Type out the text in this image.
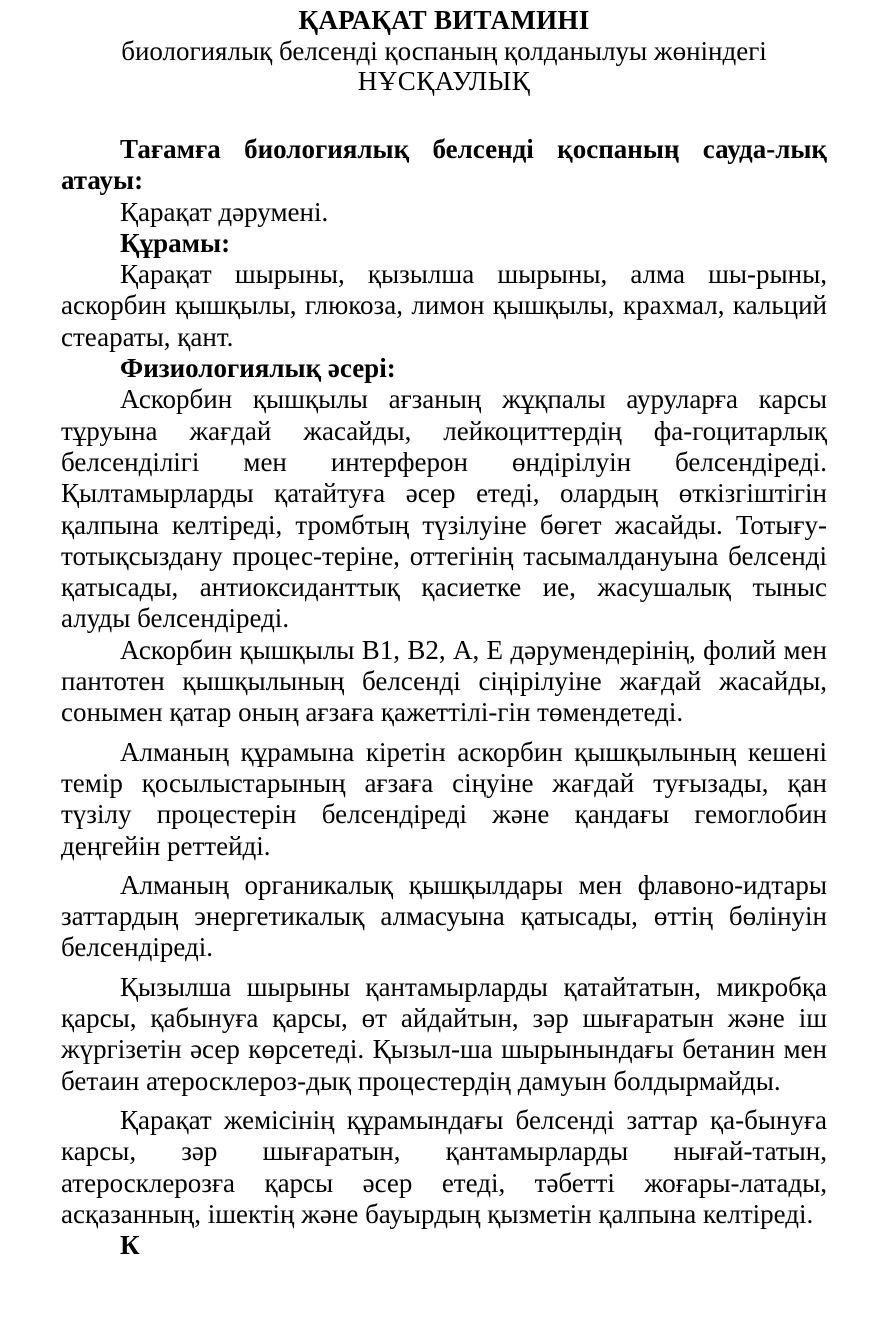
ҚАРАҚАТ ВИТАМИНІ

биологиялық белсенді қоспаның қолданылуы жөніндегі

НҰСҚАУЛЫҚ

Тағамға биологиялық белсенді қоспаның сауда-лық атауы:

Қарақат дәрумені.

Құрамы:

Қарақат шырыны, қызылша шырыны, алма шы-рыны, аскорбин қышқылы, глюкоза, лимон қышқылы, крахмал, кальций стеараты, қант.

Физиологиялық әсері:

Аскорбин қышқылы ағзаның жұқпалы ауруларға карсы тұруына жағдай жасайды, лейкоциттердің фа-гоцитарлық белсенділігі мен интерферон өндірілуін белсендіреді. Қылтамырларды қатайтуға әсер етеді, олардың өткізгіштігін қалпына келтіреді, тромбтың түзілуіне бөгет жасайды. Тотығу-тотықсыздану процес-теріне, оттегінің тасымалдануына белсенді қатысады, антиоксиданттық қасиетке ие, жасушалық тыныс алуды белсендіреді.

Аскорбин қышқылы В1, В2, А, Е дәрумендерінің, фолий мен пантотен қышқылының белсенді сіңірілуіне жағдай жасайды, сонымен қатар оның ағзаға қажеттілі-гін төмендетеді.

Алманың құрамына кіретін аскорбин қышқылының кешені темір қосылыстарының ағзаға сіңуіне жағдай туғызады, қан түзілу процестерін белсендіреді және қандағы гемоглобин деңгейін реттейді.

Алманың органикалық қышқылдары мен флавоно-идтары заттардың энергетикалық алмасуына қатысады, өттің бөлінуін белсендіреді.

Қызылша шырыны қантамырларды қатайтатын, микробқа қарсы, қабынуға қарсы, өт айдайтын, зәр шығаратын және іш жүргізетін әсер көрсетеді. Қызыл-ша шырынындағы бетанин мен бетаин атеросклероз-дық процестердің дамуын болдырмайды.

Қарақат жемісінің құрамындағы белсенді заттар қа-бынуға карсы, зәр шығаратын, қантамырларды нығай-татын, атеросклерозға қарсы әсер етеді, тәбетті жоғары-латады, асқазанның, ішектің және бауырдың қызметін қалпына келтіреді.

К
